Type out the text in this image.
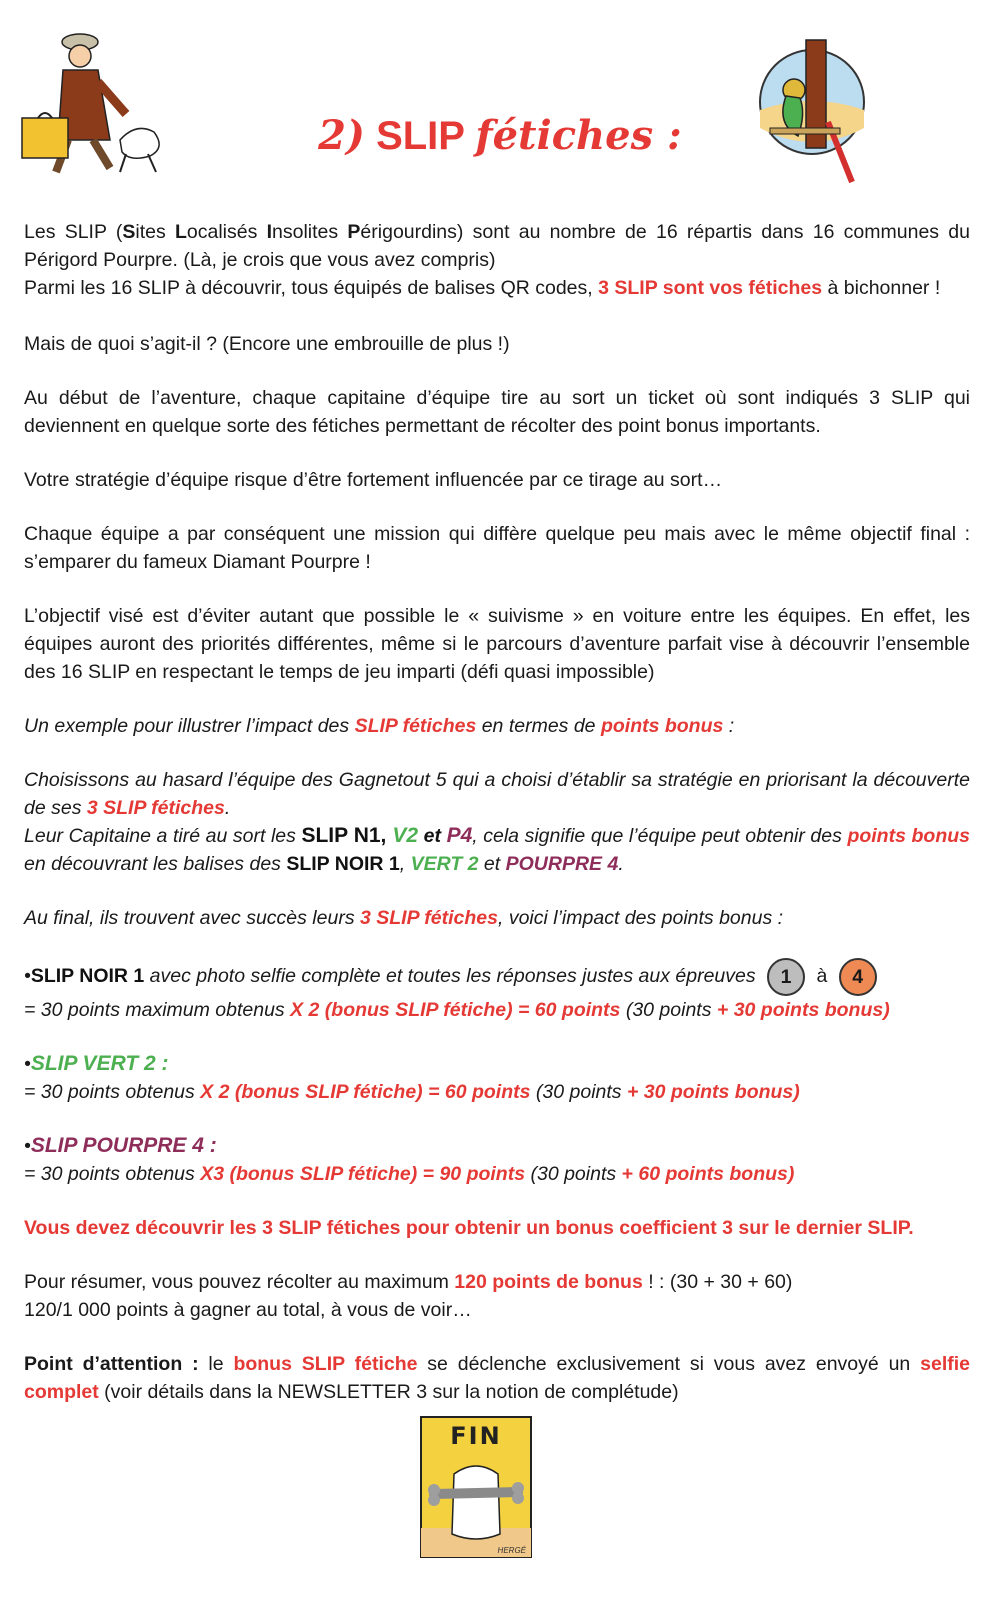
2) SLIP fétiches :

Les SLIP (Sites Localisés Insolites Périgourdins) sont au nombre de 16 répartis dans 16 communes du Périgord Pourpre. (Là, je crois que vous avez compris)
Parmi les 16 SLIP à découvrir, tous équipés de balises QR codes, 3 SLIP sont vos fétiches à bichonner !

Mais de quoi s’agit-il ? (Encore une embrouille de plus !)

Au début de l’aventure, chaque capitaine d’équipe tire au sort un ticket où sont indiqués 3 SLIP qui deviennent en quelque sorte des fétiches permettant de récolter des point bonus importants.

Votre stratégie d’équipe risque d’être fortement influencée par ce tirage au sort…

Chaque équipe a par conséquent une mission qui diffère quelque peu mais avec le même objectif final : s’emparer du fameux Diamant Pourpre !

L’objectif visé est d’éviter autant que possible le « suivisme » en voiture entre les équipes. En effet, les équipes auront des priorités différentes, même si le parcours d’aventure parfait vise à découvrir l’ensemble des 16 SLIP en respectant le temps de jeu imparti (défi quasi impossible)

Un exemple pour illustrer l’impact des SLIP fétiches en termes de points bonus :

Choisissons au hasard l’équipe des Gagnetout 5 qui a choisi d’établir sa stratégie en priorisant la découverte de ses 3 SLIP fétiches.
Leur Capitaine a tiré au sort les SLIP N1, V2 et P4, cela signifie que l’équipe peut obtenir des points bonus en découvrant les balises des SLIP NOIR 1, VERT 2 et POURPRE 4.

Au final, ils trouvent avec succès leurs 3 SLIP fétiches, voici l’impact des points bonus :

•SLIP NOIR 1 avec photo selfie complète et toutes les réponses justes aux épreuves 1 à 4
= 30 points maximum obtenus X 2 (bonus SLIP fétiche) = 60 points (30 points + 30 points bonus)

•SLIP VERT 2 :
= 30 points obtenus X 2 (bonus SLIP fétiche) = 60 points (30 points + 30 points bonus)

•SLIP POURPRE 4 :
= 30 points obtenus X3 (bonus SLIP fétiche) = 90 points (30 points + 60 points bonus)

Vous devez découvrir les 3 SLIP fétiches pour obtenir un bonus coefficient 3 sur le dernier SLIP.

Pour résumer, vous pouvez récolter au maximum 120 points de bonus ! : (30 + 30 + 60)
120/1 000 points à gagner au total, à vous de voir…

Point d’attention : le bonus SLIP fétiche se déclenche exclusivement si vous avez envoyé un selfie complet (voir détails dans la NEWSLETTER 3 sur la notion de complétude)

FIN
HERGÉ
